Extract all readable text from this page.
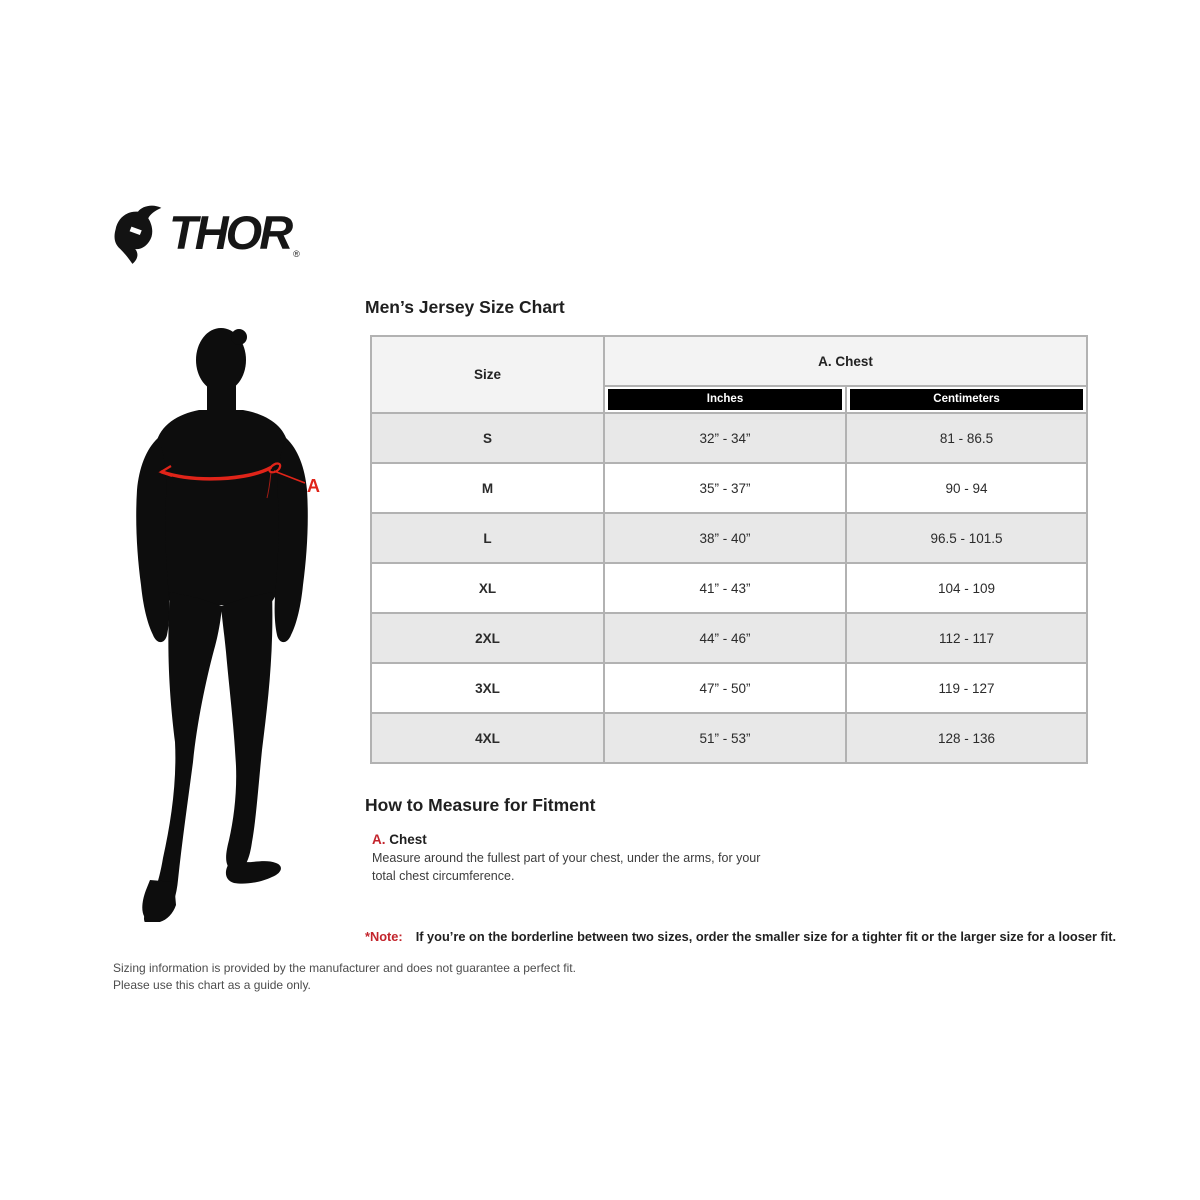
THOR ®
A
Men’s Jersey Size Chart
Size	A. Chest	

	Inches	Centimeters

S	32” - 34”	81 - 86.5
M	35” - 37”	90 - 94
L	38” - 40”	96.5 - 101.5
XL	41” - 43”	104 - 109
2XL	44” - 46”	112 - 117
3XL	47” - 50”	119 - 127
4XL	51” - 53”	128 - 136
How to Measure for Fitment
A. Chest

Measure around the fullest part of your chest, under the arms, for your
total chest circumference.

*Note: If you’re on the borderline between two sizes, order the smaller size for a tighter fit or the larger size for a looser fit.

Sizing information is provided by the manufacturer and does not guarantee a perfect fit.
Please use this chart as a guide only.
